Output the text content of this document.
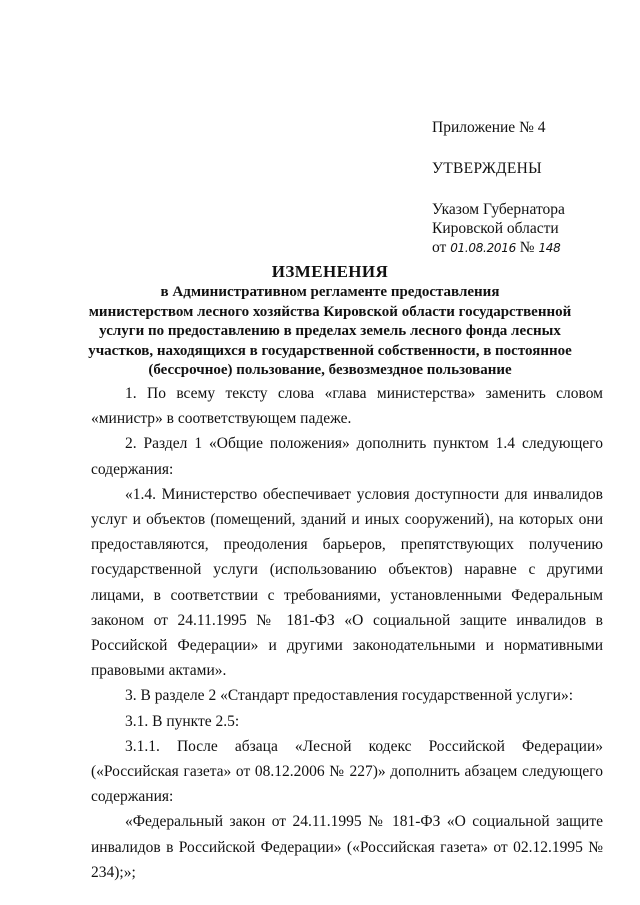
Приложение № 4

УТВЕРЖДЕНЫ

Указом Губернатора
Кировской области
от 01.08.2016 № 148
ИЗМЕНЕНИЯ
в Административном регламенте предоставления
министерством лесного хозяйства Кировской области государственной
услуги по предоставлению в пределах земель лесного фонда лесных
участков, находящихся в государственной собственности, в постоянное
(бессрочное) пользование, безвозмездное пользование

1. По всему тексту слова «глава министерства» заменить словом «министр» в соответствующем падеже.

2. Раздел 1 «Общие положения» дополнить пунктом 1.4 следующего содержания:

«1.4. Министерство обеспечивает условия доступности для инвалидов услуг и объектов (помещений, зданий и иных сооружений), на которых они предоставляются, преодоления барьеров, препятствующих получению государственной услуги (использованию объектов) наравне с другими лицами, в соответствии с требованиями, установленными Федеральным законом от 24.11.1995 № 181-ФЗ «О социальной защите инвалидов в Российской Федерации» и другими законодательными и нормативными правовыми актами».

3. В разделе 2 «Стандарт предоставления государственной услуги»:

3.1. В пункте 2.5:

3.1.1. После абзаца «Лесной кодекс Российской Федерации» («Российская газета» от 08.12.2006 № 227)» дополнить абзацем следующего содержания:

«Федеральный закон от 24.11.1995 № 181-ФЗ «О социальной защите инвалидов в Российской Федерации» («Российская газета» от 02.12.1995 № 234);»;
